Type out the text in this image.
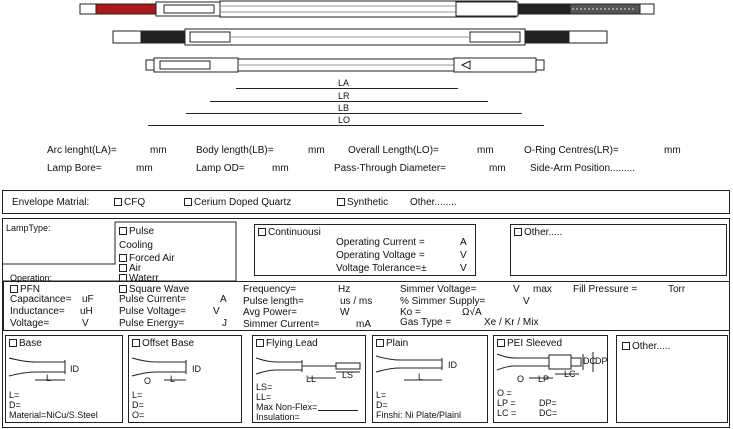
LA
LR
LB
LO
Arc lenght(LA)=	mm	Body length(LB)=	mm Overall Length(LO)=	mm	O-Ring Centres(LR)=	mm
Lamp Bore=	mm	Lamp OD=	mm	Pass-Through Diameter=	mm Side-Arm Position.........
Envelope Matrial:	CFQ	Cerium Doped Quartz	Synthetic Other........
LampType:	Pulse
Cooling
Forced Air
Air
Waterr
Square Wave
Continuousi
Operating Current =	A
Operating Voltage =	V
Voltage Tolerance=±	V
Other.....
Operation:
PFN
Capacitance= uF
Inductance= uH
Voltage=	V
Pulse Current=	A
Pulse Voltage=	V
Pulse Energy=	J
Frequency=	Hz
Pulse length=	us / ms
Avg Power=	W
Simmer Current=	mA
Simmer Voltage=	V max Fill Pressure =	Torr
% Simmer Supply=	V
Ko =	Ω√A
Gas Type =	Xe / Kr / Mix
Base
ID
L
L=
D=
Material=NiCu/S.Steel
Offset Base
ID
O L
L=
D=
O=
Flying Lead
LL	LS
LS=
LL=
Max Non-Flex=
Insulation=
Plain
ID
L
L=
D=
Finshi: Ni Plate/Plainl
PEI Sleeved
DC DP
O LP LC
O =
LP =
LC =
DP=
DC=
Other.....
